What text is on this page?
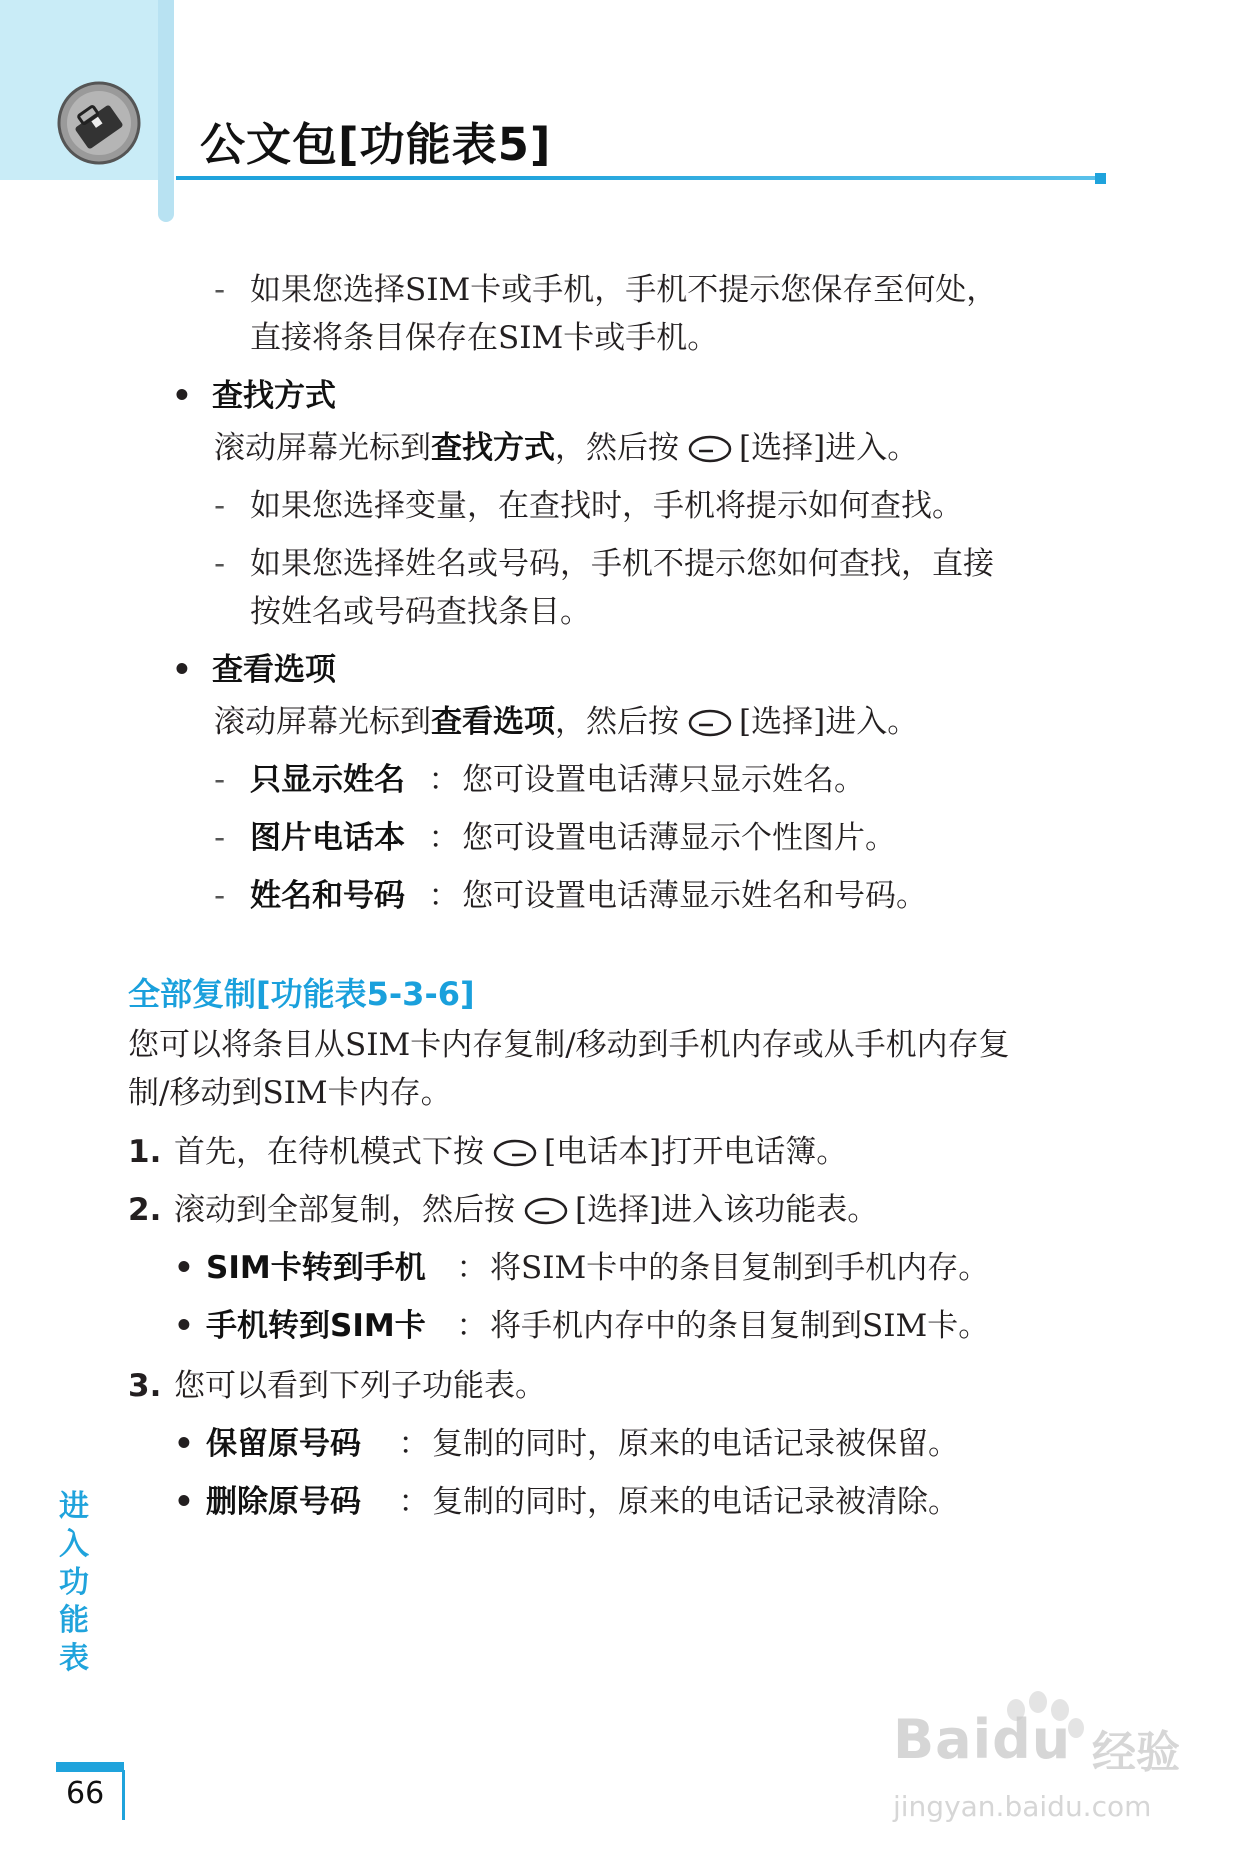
公文包[功能表5]
- 如果您选择SIM卡或手机，手机不提示您保存至何处，
直接将条目保存在SIM卡或手机。
• 查找方式
滚动屏幕光标到查找方式，然后按 [选择]进入。
- 如果您选择变量，在查找时，手机将提示如何查找。
- 如果您选择姓名或号码，手机不提示您如何查找，直接
按姓名或号码查找条目。
• 查看选项
滚动屏幕光标到查看选项，然后按 [选择]进入。
- 只显示姓名 ：您可设置电话薄只显示姓名。
- 图片电话本 ：您可设置电话薄显示个性图片。
- 姓名和号码 ：您可设置电话薄显示姓名和号码。
全部复制[功能表5-3-6]
您可以将条目从SIM卡内存复制/移动到手机内存或从手机内存复
制/移动到SIM卡内存。
1. 首先，在待机模式下按 [电话本]打开电话簿。
2. 滚动到全部复制，然后按 [选择]进入该功能表。
• SIM卡转到手机 ：将SIM卡中的条目复制到手机内存。
• 手机转到SIM卡 ：将手机内存中的条目复制到SIM卡。
3. 您可以看到下列子功能表。
• 保留原号码 ：复制的同时，原来的电话记录被保留。
• 删除原号码 ：复制的同时，原来的电话记录被清除。
进
入
功
能
表
66
Baidu 经验
jingyan.baidu.com
